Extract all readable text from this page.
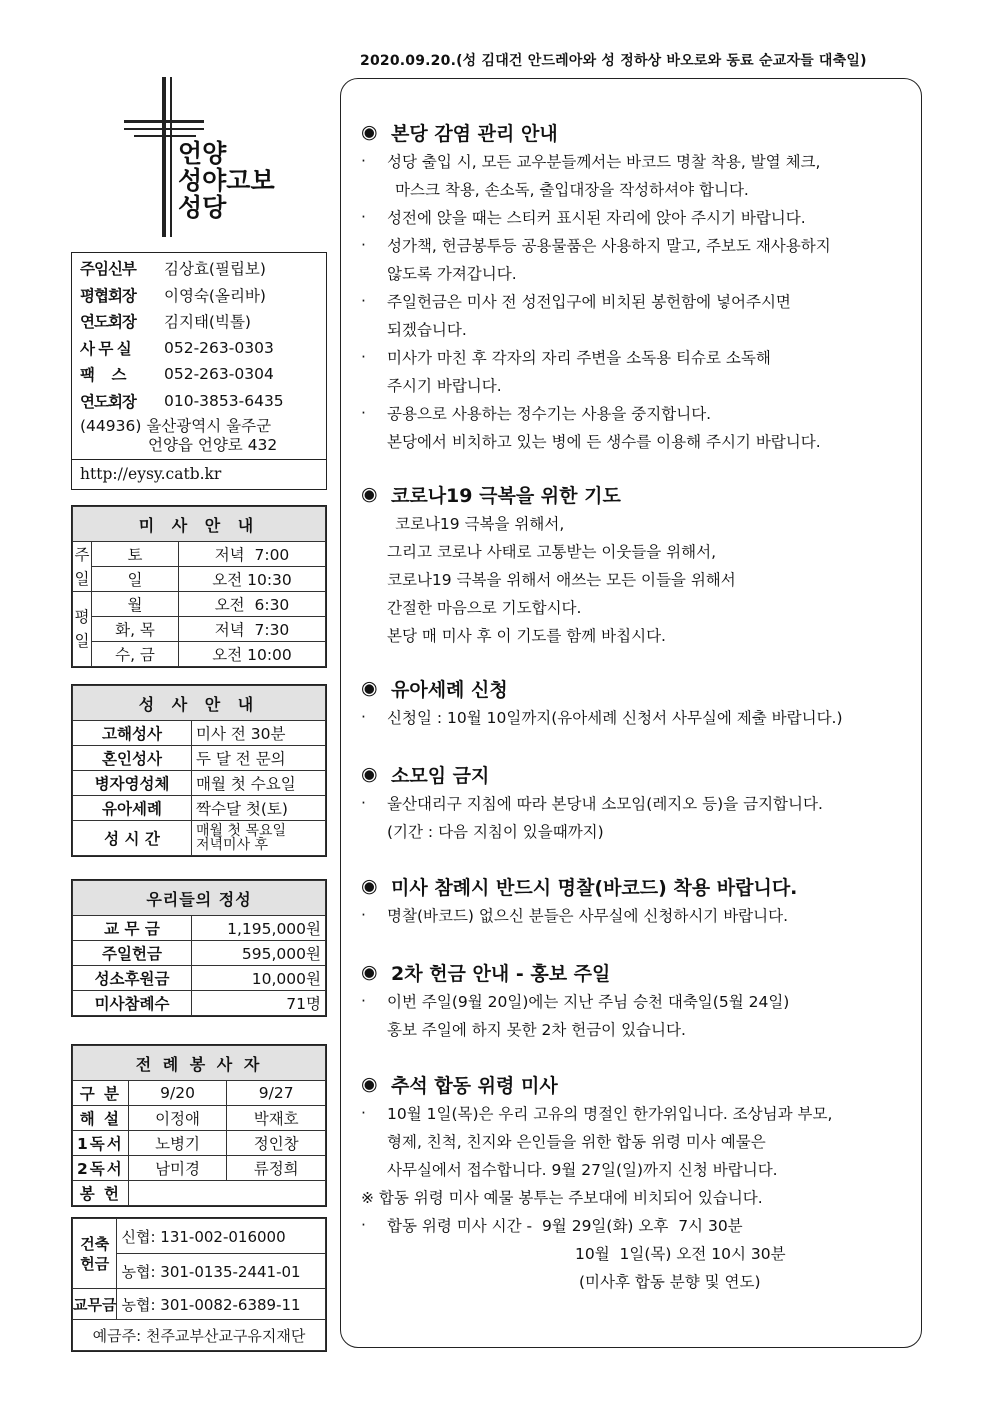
2020.09.20.(성 김대건 안드레아와 성 정하상 바오로와 동료 순교자들 대축일)
언양
성야고보
성당
주임신부	김상효(필립보)
평협회장	이영숙(올리바)
연도회장	김지태(빅톨)
사 무 실	052-263-0303
팩    스	052-263-0304
연도회장	010-3853-6435
(44936) 울산광역시 울주군
언양읍 언양로 432
http://eysy.catb.kr
미 사 안 내		
주일	토	저녁  7:00
	일	오전 10:30
평일	월	오전  6:30
	화, 목	저녁  7:30
	수, 금	오전 10:00
성 사 안 내	
고해성사	미사 전 30분
혼인성사	두 달 전 문의
병자영성체	매월 첫 수요일
유아세례	짝수달 첫(토)
성 시 간	매월 첫 목요일
저녁미사 후
우리들의 정성	
교 무 금	1,195,000원
주일헌금	595,000원
성소후원금	10,000원
미사참례수	71명
전 례 봉 사 자		
구 분	9/20	9/27
해 설	이정애	박재호
1독서	노병기	정인창
2독서	남미경	류정희
봉 헌		
건축
헌금	신협: 131-002-016000
	농협: 301-0135-2441-01
교무금	농협: 301-0082-6389-11
예금주: 천주교부산교구유지재단	
◉ 본당 감염 관리 안내
·	성당 출입 시, 모든 교우분들께서는 바코드 명찰 착용, 발열 체크,
마스크 착용, 손소독, 출입대장을 작성하셔야 합니다.
·	성전에 앉을 때는 스티커 표시된 자리에 앉아 주시기 바랍니다.
·	성가책, 헌금봉투등 공용물품은 사용하지 말고, 주보도 재사용하지
않도록 가져갑니다.
·	주일헌금은 미사 전 성전입구에 비치된 봉헌함에 넣어주시면
되겠습니다.
·	미사가 마친 후 각자의 자리 주변을 소독용 티슈로 소독해
주시기 바랍니다.
·	공용으로 사용하는 정수기는 사용을 중지합니다.
본당에서 비치하고 있는 병에 든 생수를 이용해 주시기 바랍니다.
◉ 코로나19 극복을 위한 기도
코로나19 극복을 위해서,
그리고 코로나 사태로 고통받는 이웃들을 위해서,
코로나19 극복을 위해서 애쓰는 모든 이들을 위해서
간절한 마음으로 기도합시다.
본당 매 미사 후 이 기도를 함께 바칩시다.
◉ 유아세례 신청
·	신청일 : 10월 10일까지(유아세례 신청서 사무실에 제출 바랍니다.)
◉ 소모임 금지
·	울산대리구 지침에 따라 본당내 소모임(레지오 등)을 금지합니다.
(기간 : 다음 지침이 있을때까지)
◉ 미사 참례시 반드시 명찰(바코드) 착용 바랍니다.
·	명찰(바코드) 없으신 분들은 사무실에 신청하시기 바랍니다.
◉ 2차 헌금 안내 - 홍보 주일
·	이번 주일(9월 20일)에는 지난 주님 승천 대축일(5월 24일)
홍보 주일에 하지 못한 2차 헌금이 있습니다.
◉ 추석 합동 위령 미사
·	10월 1일(목)은 우리 고유의 명절인 한가위입니다. 조상님과 부모,
형제, 친척, 친지와 은인들을 위한 합동 위령 미사 예물은
사무실에서 접수합니다. 9월 27일(일)까지 신청 바랍니다.
※ 합동 위령 미사 예물 봉투는 주보대에 비치되어 있습니다.
·	합동 위령 미사 시간 -  9월 29일(화) 오후  7시 30분
10월  1일(목) 오전 10시 30분
(미사후 합동 분향 및 연도)
